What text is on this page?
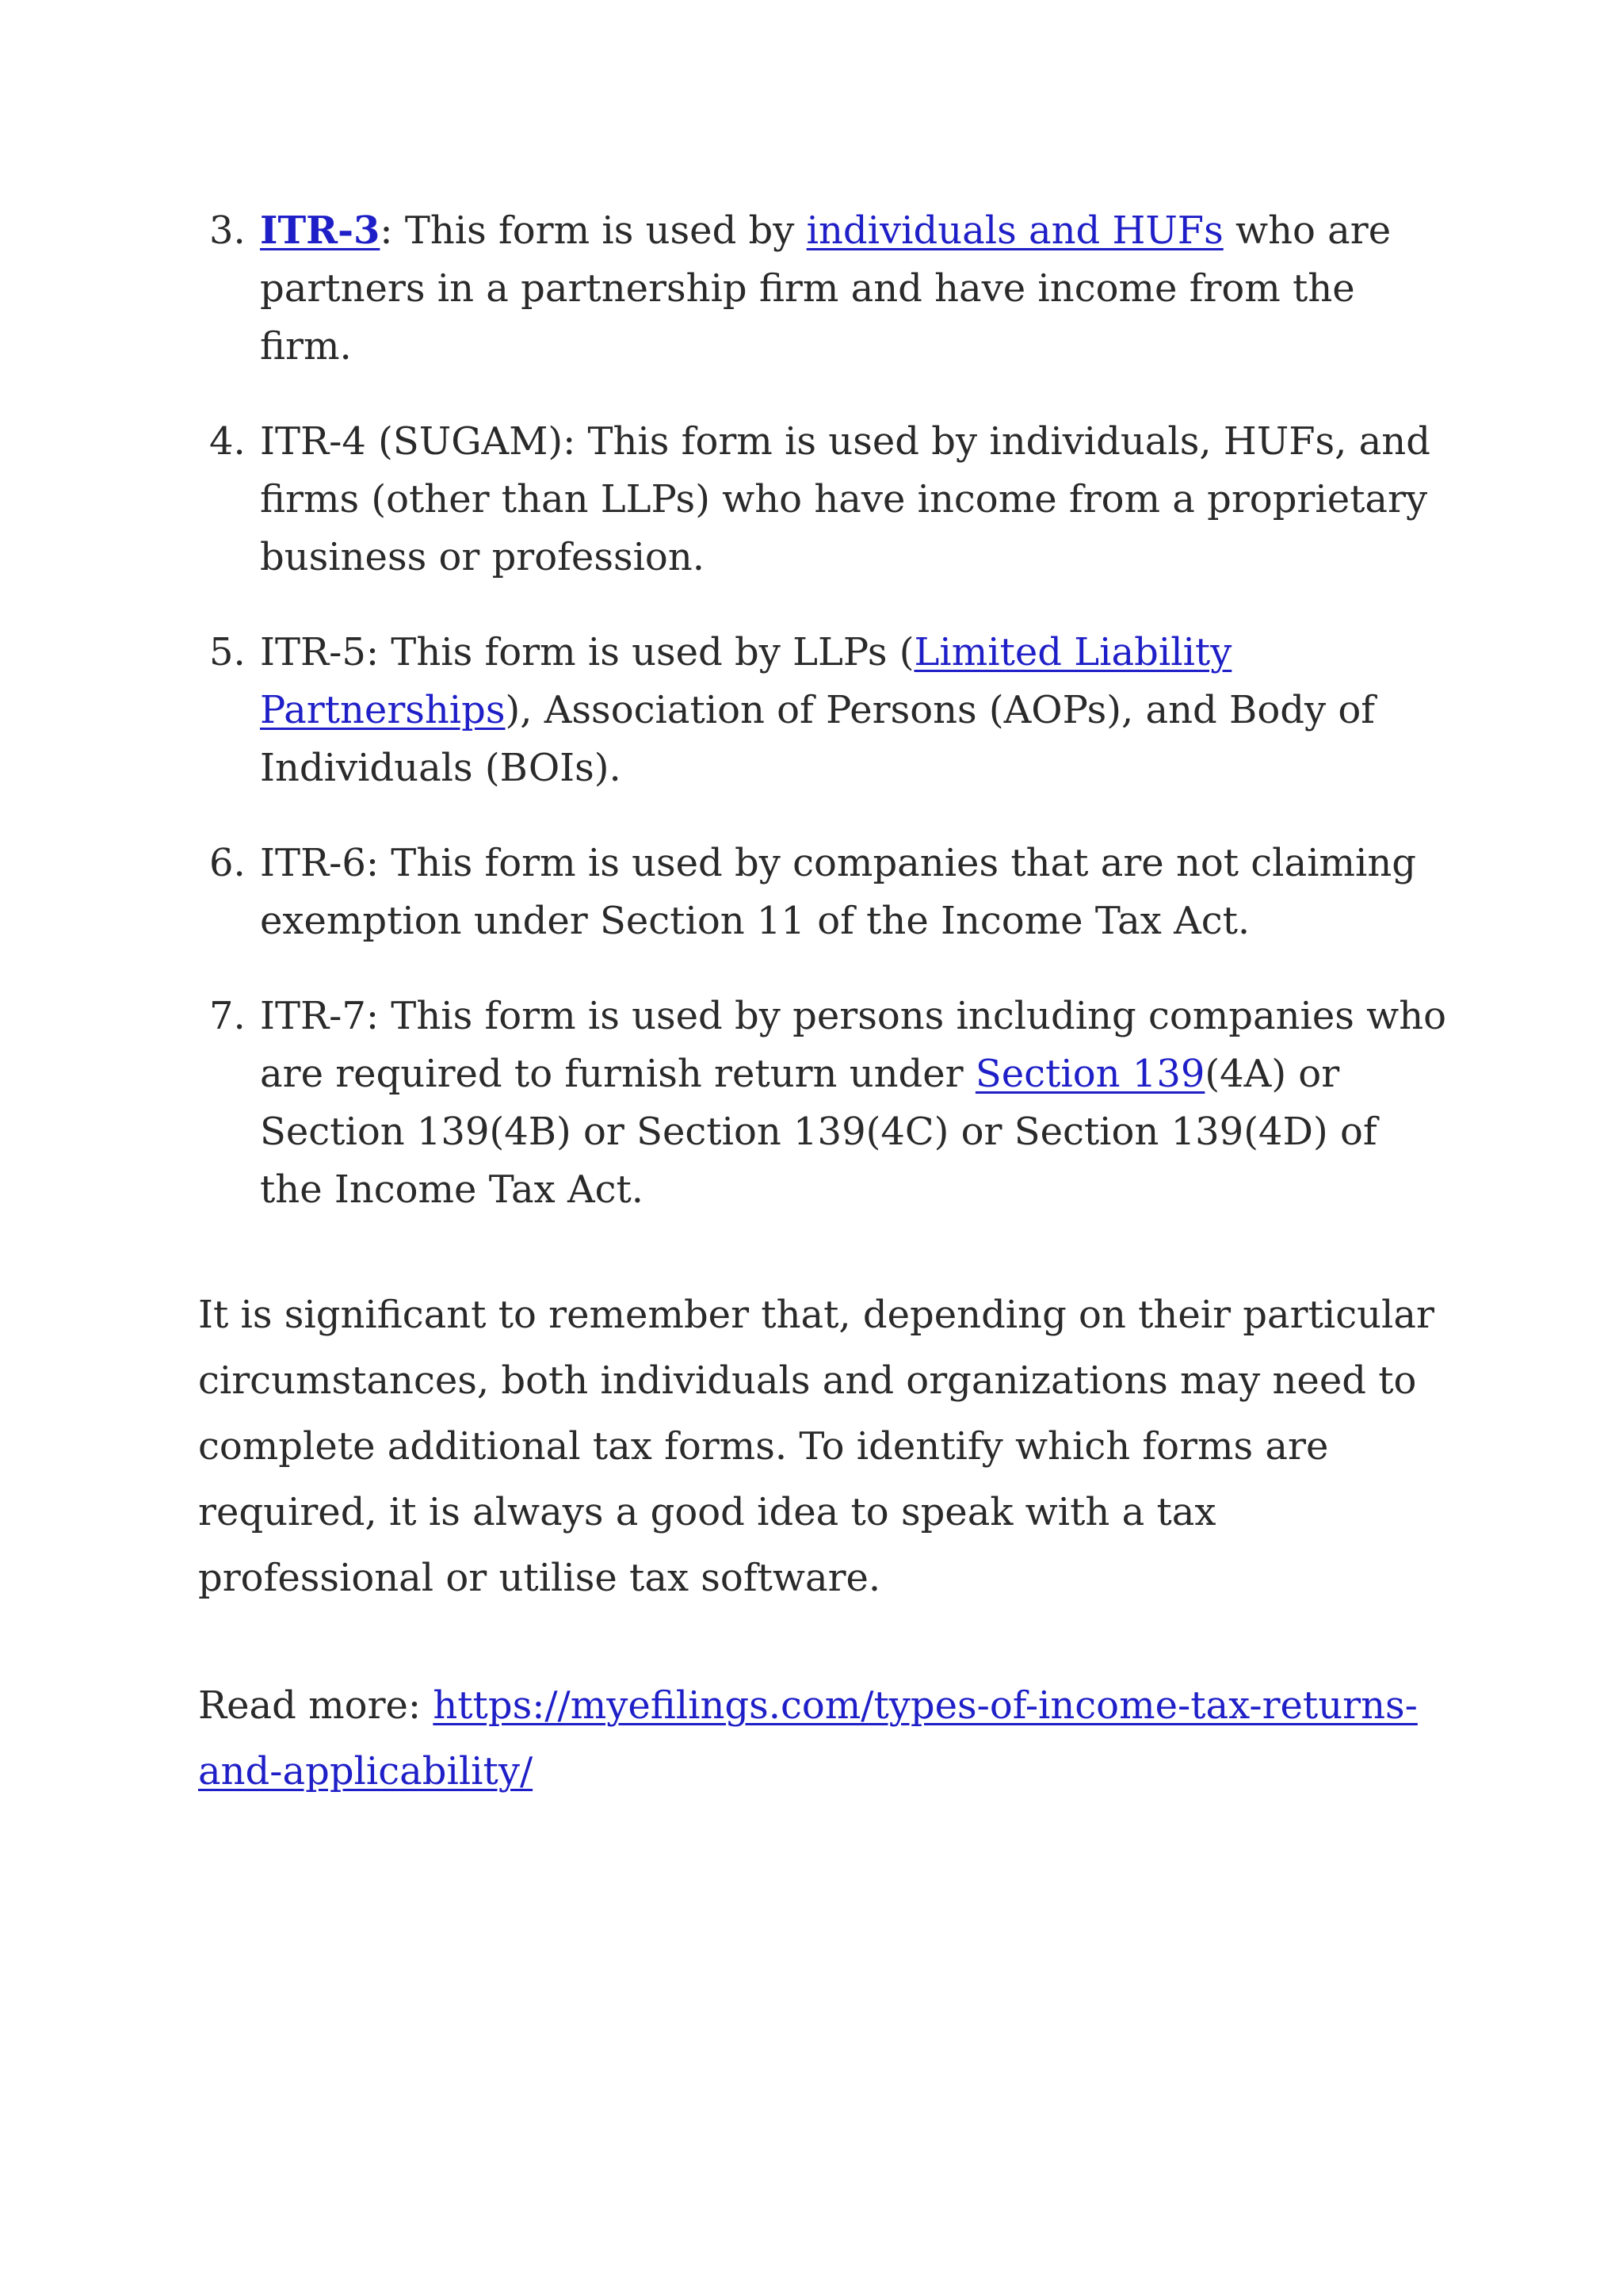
3. ITR-3: This form is used by individuals and HUFs who are partners in a partnership firm and have income from the firm.
4. ITR-4 (SUGAM): This form is used by individuals, HUFs, and firms (other than LLPs) who have income from a proprietary business or profession.
5. ITR-5: This form is used by LLPs (Limited Liability Partnerships), Association of Persons (AOPs), and Body of Individuals (BOIs).
6. ITR-6: This form is used by companies that are not claiming exemption under Section 11 of the Income Tax Act.
7. ITR-7: This form is used by persons including companies who are required to furnish return under Section 139(4A) or Section 139(4B) or Section 139(4C) or Section 139(4D) of the Income Tax Act.

It is significant to remember that, depending on their particular circumstances, both individuals and organizations may need to complete additional tax forms. To identify which forms are required, it is always a good idea to speak with a tax professional or utilise tax software.

Read more: https://myefilings.com/types-of-income-tax-returns-and-applicability/
